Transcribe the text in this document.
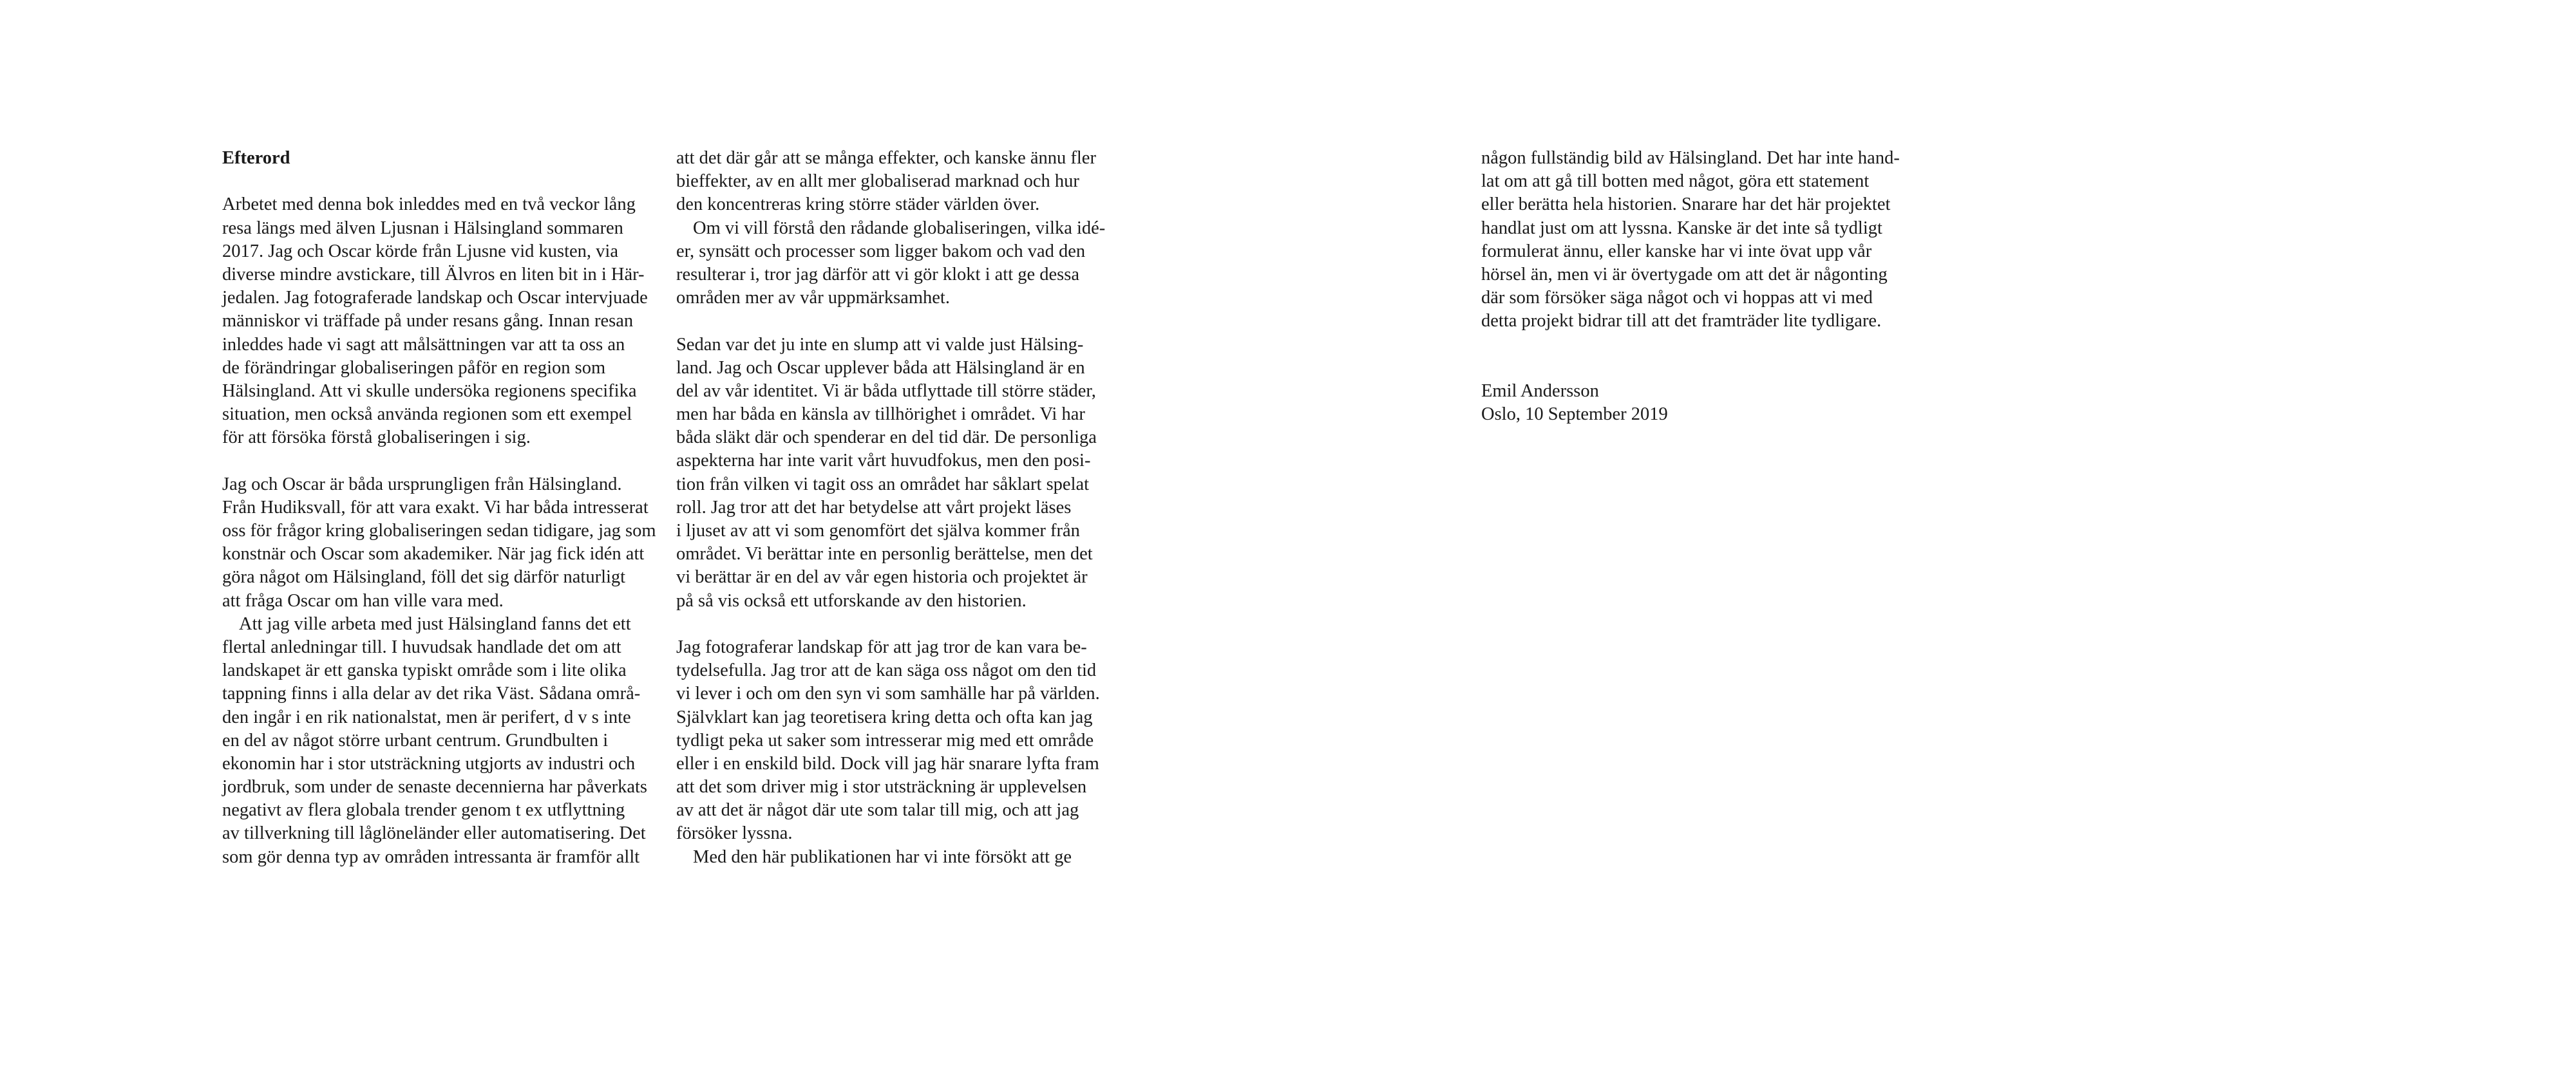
Efterord
Arbetet med denna bok inleddes med en två veckor lång
resa längs med älven Ljusnan i Hälsingland sommaren
2017. Jag och Oscar körde från Ljusne vid kusten, via
diverse mindre avstickare, till Älvros en liten bit in i Här-
jedalen. Jag fotograferade landskap och Oscar intervjuade
människor vi träffade på under resans gång. Innan resan
inleddes hade vi sagt att målsättningen var att ta oss an
de förändringar globaliseringen påför en region som
Hälsingland. Att vi skulle undersöka regionens specifika
situation, men också använda regionen som ett exempel
för att försöka förstå globaliseringen i sig.
Jag och Oscar är båda ursprungligen från Hälsingland.
Från Hudiksvall, för att vara exakt. Vi har båda intresserat
oss för frågor kring globaliseringen sedan tidigare, jag som
konstnär och Oscar som akademiker. När jag fick idén att
göra något om Hälsingland, föll det sig därför naturligt
att fråga Oscar om han ville vara med.
Att jag ville arbeta med just Hälsingland fanns det ett
flertal anledningar till. I huvudsak handlade det om att
landskapet är ett ganska typiskt område som i lite olika
tappning finns i alla delar av det rika Väst. Sådana områ-
den ingår i en rik nationalstat, men är perifert, d v s inte
en del av något större urbant centrum. Grundbulten i
ekonomin har i stor utsträckning utgjorts av industri och
jordbruk, som under de senaste decennierna har påverkats
negativt av flera globala trender genom t ex utflyttning
av tillverkning till låglöneländer eller automatisering. Det
som gör denna typ av områden intressanta är framför allt
att det där går att se många effekter, och kanske ännu fler
bieffekter, av en allt mer globaliserad marknad och hur
den koncentreras kring större städer världen över.
Om vi vill förstå den rådande globaliseringen, vilka idé-
er, synsätt och processer som ligger bakom och vad den
resulterar i, tror jag därför att vi gör klokt i att ge dessa
områden mer av vår uppmärksamhet.
Sedan var det ju inte en slump att vi valde just Hälsing-
land. Jag och Oscar upplever båda att Hälsingland är en
del av vår identitet. Vi är båda utflyttade till större städer,
men har båda en känsla av tillhörighet i området. Vi har
båda släkt där och spenderar en del tid där. De personliga
aspekterna har inte varit vårt huvudfokus, men den posi-
tion från vilken vi tagit oss an området har såklart spelat
roll. Jag tror att det har betydelse att vårt projekt läses
i ljuset av att vi som genomfört det själva kommer från
området. Vi berättar inte en personlig berättelse, men det
vi berättar är en del av vår egen historia och projektet är
på så vis också ett utforskande av den historien.
Jag fotograferar landskap för att jag tror de kan vara be-
tydelsefulla. Jag tror att de kan säga oss något om den tid
vi lever i och om den syn vi som samhälle har på världen.
Självklart kan jag teoretisera kring detta och ofta kan jag
tydligt peka ut saker som intresserar mig med ett område
eller i en enskild bild. Dock vill jag här snarare lyfta fram
att det som driver mig i stor utsträckning är upplevelsen
av att det är något där ute som talar till mig, och att jag
försöker lyssna.
Med den här publikationen har vi inte försökt att ge
någon fullständig bild av Hälsingland. Det har inte hand-
lat om att gå till botten med något, göra ett statement
eller berätta hela historien. Snarare har det här projektet
handlat just om att lyssna. Kanske är det inte så tydligt
formulerat ännu, eller kanske har vi inte övat upp vår
hörsel än, men vi är övertygade om att det är någonting
där som försöker säga något och vi hoppas att vi med
detta projekt bidrar till att det framträder lite tydligare.
Emil Andersson
Oslo, 10 September 2019
